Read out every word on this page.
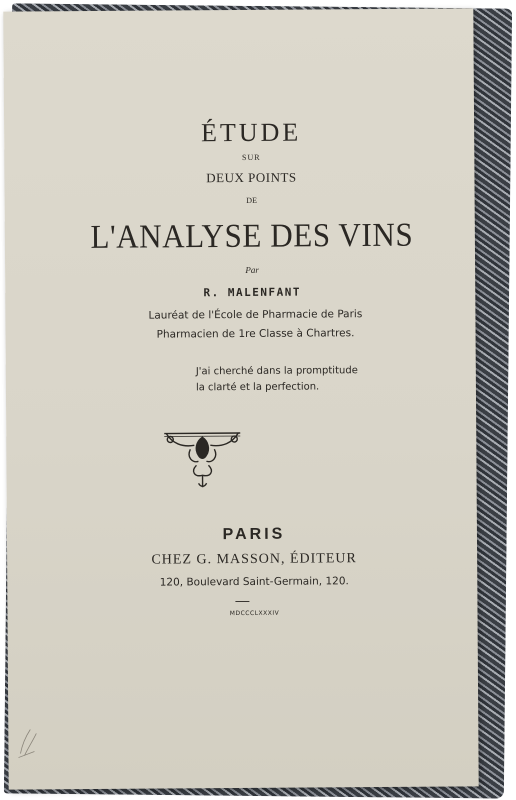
ÉTUDE
SUR
DEUX POINTS
DE
L'ANALYSE DES VINS
Par
R. MALENFANT
Lauréat de l'École de Pharmacie de Paris
Pharmacien de 1re Classe à Chartres.
J'ai cherché dans la promptitude
la clarté et la perfection.
PARIS
CHEZ G. MASSON, ÉDITEUR
120, Boulevard Saint-Germain, 120.
MDCCCLXXXIV
